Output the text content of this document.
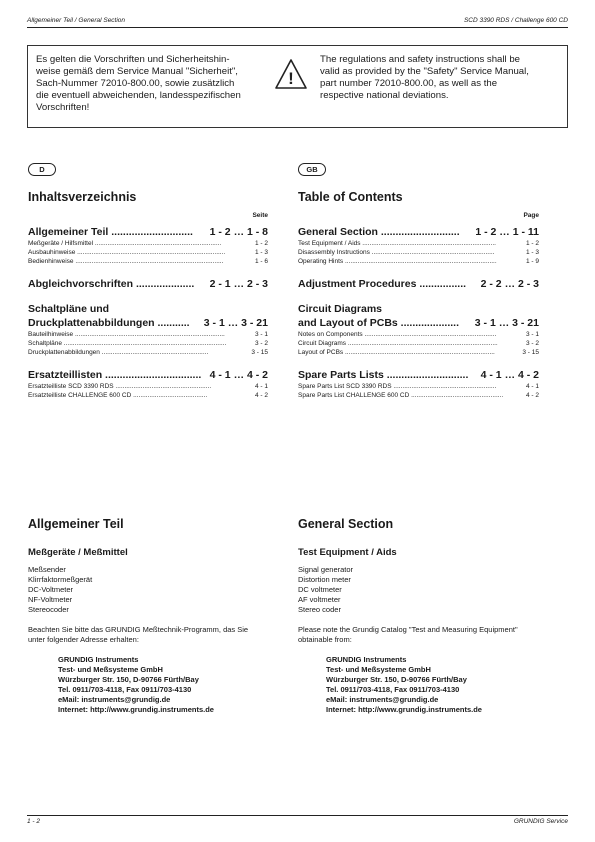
Allgemeiner Teil / General Section	SCD 3390 RDS / Challenge 600 CD
Es gelten die Vorschriften und Sicherheitshin-
weise gemäß dem Service Manual "Sicherheit",
Sach-Nummer 72010-800.00, sowie zusätzlich
die eventuell abweichenden, landesspezifischen
Vorschriften!
!
The regulations and safety instructions shall be
valid as provided by the "Safety" Service Manual,
part number 72010-800.00, as well as the
respective national deviations.
D
Inhaltsverzeichnis
Seite
Allgemeiner Teil ............................	1 - 2 … 1 - 8
Meßgeräte / Hilfsmittel ......................................................................	1 - 2
Ausbauhinweise ..................................................................................	1 - 3
Bedienhinweise ..................................................................................	1 - 6
Abgleichvorschriften ....................	2 - 1 … 2 - 3
Schaltpläne und
Druckplattenabbildungen ...........	3 - 1 … 3 - 21
Bauteilhinweise ...................................................................................	3 - 1
Schaltpläne ..........................................................................................	3 - 2
Druckplattenabbildungen ...........................................................	3 - 15
Ersatzteillisten ................................. 4 - 1 … 4 - 2
Ersatzteilliste SCD 3390 RDS .....................................................	4 - 1
Ersatzteilliste CHALLENGE 600 CD .........................................	4 - 2
GB
Table of Contents
Page
General Section ...........................	1 - 2 … 1 - 11
Test Equipment / Aids ..........................................................................	1 - 2
Disassembly Instructions ....................................................................	1 - 3
Operating Hints ....................................................................................	1 - 9
Adjustment Procedures ................	2 - 2 … 2 - 3
Circuit Diagrams
and Layout of PCBs ....................	3 - 1 … 3 - 21
Notes on Components .........................................................................	3 - 1
Circuit Diagrams ...................................................................................	3 - 2
Layout of PCBs ...................................................................................	3 - 15
Spare Parts Lists ............................	4 - 1 … 4 - 2
Spare Parts List SCD 3390 RDS .........................................................	4 - 1
Spare Parts List CHALLENGE 600 CD ...................................................	4 - 2
Allgemeiner Teil
Meßgeräte / Meßmittel
Meßsender
Klirrfaktormeßgerät
DC-Voltmeter
NF-Voltmeter
Stereocoder
Beachten Sie bitte das GRUNDIG Meßtechnik-Programm, das Sie
unter folgender Adresse erhalten:
GRUNDIG Instruments
Test- und Meßsysteme GmbH
Würzburger Str. 150, D-90766 Fürth/Bay
Tel. 0911/703-4118, Fax 0911/703-4130
eMail: instruments@grundig.de
Internet: http://www.grundig.instruments.de
General Section
Test Equipment / Aids
Signal generator
Distortion meter
DC voltmeter
AF voltmeter
Stereo coder
Please note the Grundig Catalog "Test and Measuring Equipment"
obtainable from:
GRUNDIG Instruments
Test- und Meßsysteme GmbH
Würzburger Str. 150, D-90766 Fürth/Bay
Tel. 0911/703-4118, Fax 0911/703-4130
eMail: instruments@grundig.de
Internet: http://www.grundig.instruments.de
1 - 2	GRUNDIG Service
